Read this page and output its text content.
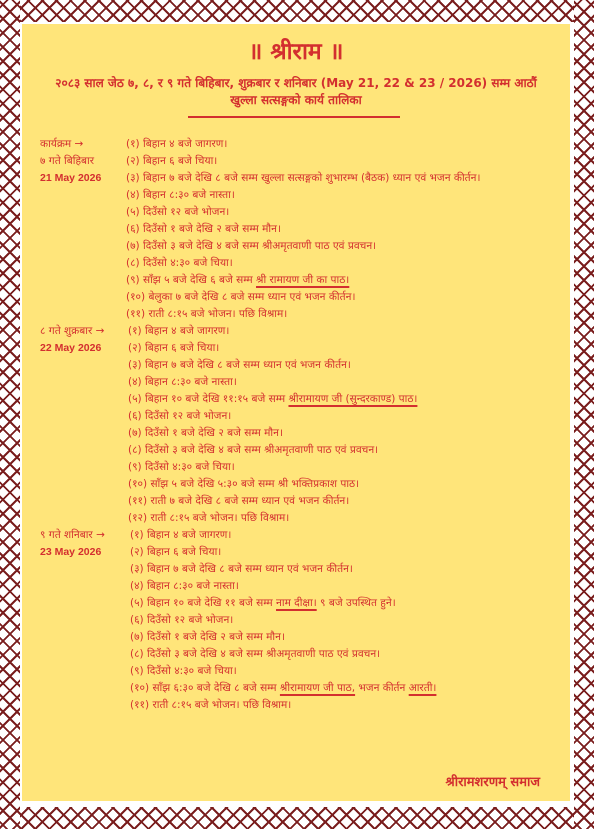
॥ श्रीराम ॥
२०८३ साल जेठ ७, ८, र ९ गते बिहिबार, शुक्रबार र शनिबार (May 21, 22 & 23 / 2026) सम्म आठौं
खुल्ला सत्सङ्गको कार्य तालिका
कार्यक्रम →
७ गते बिहिबार
21 May 2026
(१) बिहान ४ बजे जागरण।
(२) बिहान ६ बजे चिया।
(३) बिहान ७ बजे देखि ८ बजे सम्म खुल्ला सत्सङ्गको शुभारम्भ (बैठक) ध्यान एवं भजन कीर्तन।
(४) बिहान ८:३० बजे नास्ता।
(५) दिउँसो १२ बजे भोजन।
(६) दिउँसो १ बजे देखि २ बजे सम्म मौन।
(७) दिउँसो ३ बजे देखि ४ बजे सम्म श्रीअमृतवाणी पाठ एवं प्रवचन।
(८) दिउँसो ४:३० बजे चिया।
(९) साँझ ५ बजे देखि ६ बजे सम्म श्री रामायण जी का पाठ।
(१०) बेलुका ७ बजे देखि ८ बजे सम्म ध्यान एवं भजन कीर्तन।
(११) राती ८:१५ बजे भोजन। पछि विश्राम।
८ गते शुक्रबार →
22 May 2026
(१) बिहान ४ बजे जागरण।
(२) बिहान ६ बजे चिया।
(३) बिहान ७ बजे देखि ८ बजे सम्म ध्यान एवं भजन कीर्तन।
(४) बिहान ८:३० बजे नास्ता।
(५) बिहान १० बजे देखि ११:१५ बजे सम्म श्रीरामायण जी (सुन्दरकाण्ड) पाठ।
(६) दिउँसो १२ बजे भोजन।
(७) दिउँसो १ बजे देखि २ बजे सम्म मौन।
(८) दिउँसो ३ बजे देखि ४ बजे सम्म श्रीअमृतवाणी पाठ एवं प्रवचन।
(९) दिउँसो ४:३० बजे चिया।
(१०) साँझ ५ बजे देखि ५:३० बजे सम्म श्री भक्तिप्रकाश पाठ।
(११) राती ७ बजे देखि ८ बजे सम्म ध्यान एवं भजन कीर्तन।
(१२) राती ८:१५ बजे भोजन। पछि विश्राम।
९ गते शनिबार →
23 May 2026
(१) बिहान ४ बजे जागरण।
(२) बिहान ६ बजे चिया।
(३) बिहान ७ बजे देखि ८ बजे सम्म ध्यान एवं भजन कीर्तन।
(४) बिहान ८:३० बजे नास्ता।
(५) बिहान १० बजे देखि ११ बजे सम्म नाम दीक्षा। ९ बजे उपस्थित हुने।
(६) दिउँसो १२ बजे भोजन।
(७) दिउँसो १ बजे देखि २ बजे सम्म मौन।
(८) दिउँसो ३ बजे देखि ४ बजे सम्म श्रीअमृतवाणी पाठ एवं प्रवचन।
(९) दिउँसो ४:३० बजे चिया।
(१०) साँझ ६:३० बजे देखि ८ बजे सम्म श्रीरामायण जी पाठ, भजन कीर्तन आरती।
(११) राती ८:१५ बजे भोजन। पछि विश्राम।
श्रीरामशरणम् समाज
